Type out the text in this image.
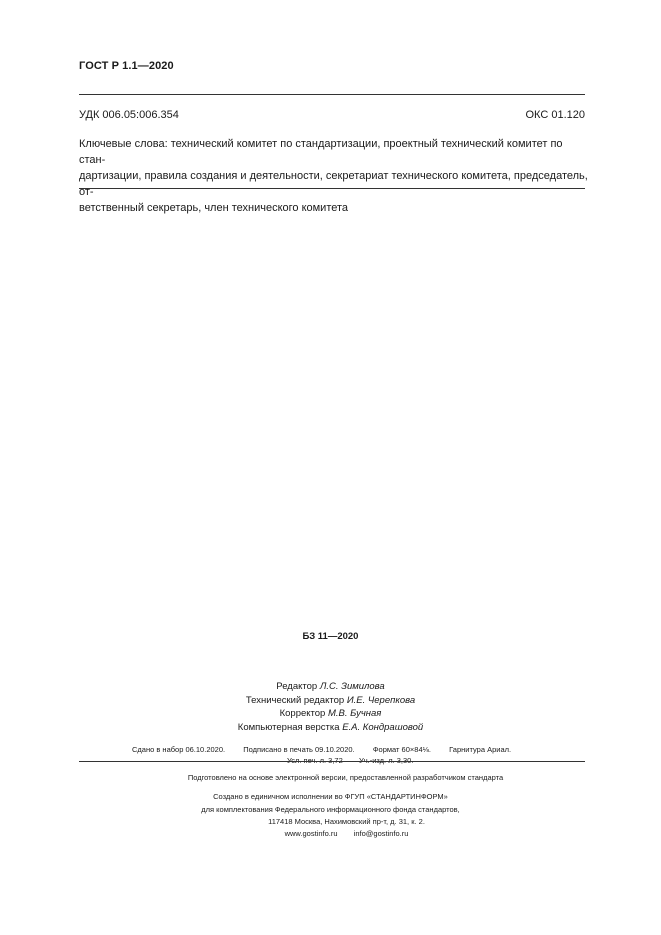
ГОСТ Р 1.1—2020
УДК 006.05:006.354	ОКС 01.120
Ключевые слова: технический комитет по стандартизации, проектный технический комитет по стан-
дартизации, правила создания и деятельности, секретариат технического комитета, председатель, от-
ветственный секретарь, член технического комитета
БЗ 11—2020
Редактор Л.С. Зимилова
Технический редактор И.Е. Черепкова
Корректор М.В. Бучная
Компьютерная верстка Е.А. Кондрашовой
Сдано в набор 06.10.2020. Подписано в печать 09.10.2020. Формат 60×84⅛. Гарнитура Ариал.
Усл. печ. л. 3,72 Уч.-изд. л. 3,30.
Подготовлено на основе электронной версии, предоставленной разработчиком стандарта
Создано в единичном исполнении во ФГУП «СТАНДАРТИНФОРМ»
для комплектования Федерального информационного фонда стандартов,
117418 Москва, Нахимовский пр-т, д. 31, к. 2.
www.gostinfo.ru info@gostinfo.ru
